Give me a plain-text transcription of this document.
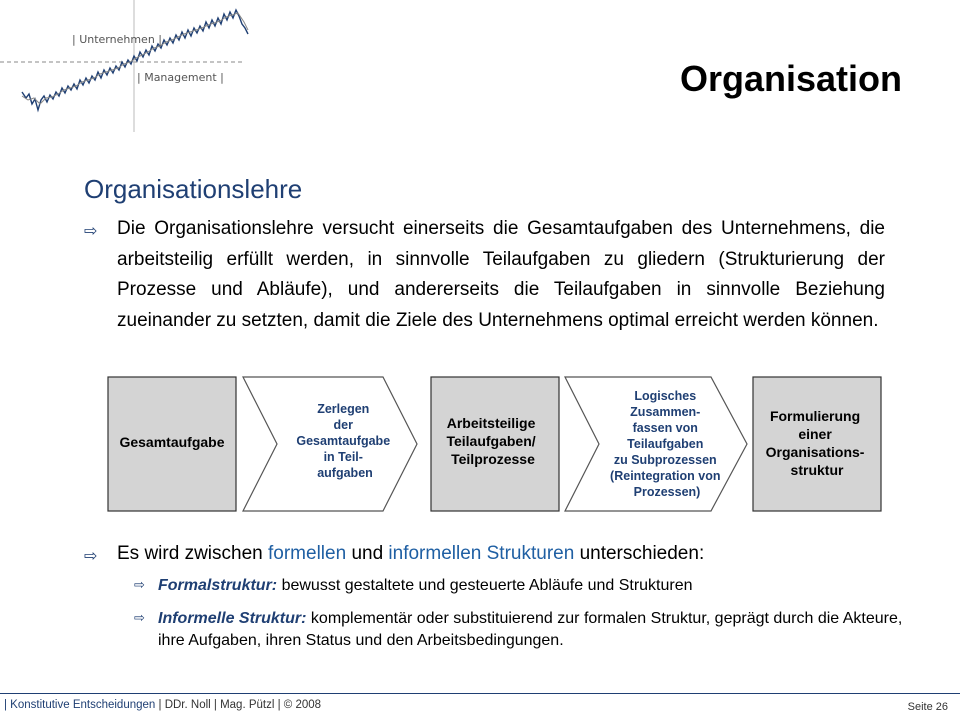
| Unternehmen |
| Management |	Organisation
Organisationslehre
⇨ Die Organisationslehre versucht einerseits die Gesamtaufgaben des Unternehmens, die arbeitsteilig erfüllt werden, in sinnvolle Teilaufgaben zu gliedern (Strukturierung der Prozesse und Abläufe), und andererseits die Teilaufgaben in sinnvolle Beziehung zueinander zu setzten, damit die Ziele des Unternehmens optimal erreicht werden können.
Gesamtaufgabe
Zerlegen der Gesamtaufgabe in Teil- aufgaben
Arbeitsteilige Teilaufgaben/ Teilprozesse
Logisches Zusammen- fassen von Teilaufgaben zu Subprozessen (Reintegration von Prozessen)
Formulierung einer Organisations- struktur
⇨ Es wird zwischen formellen und informellen Strukturen unterschieden:
⇨ Formalstruktur: bewusst gestaltete und gesteuerte Abläufe und Strukturen
⇨ Informelle Struktur: komplementär oder substituierend zur formalen Struktur, geprägt durch die Akteure, ihre Aufgaben, ihren Status und den Arbeitsbedingungen.
| Konstitutive Entscheidungen | DDr. Noll | Mag. Pützl | © 2008	Seite 26
